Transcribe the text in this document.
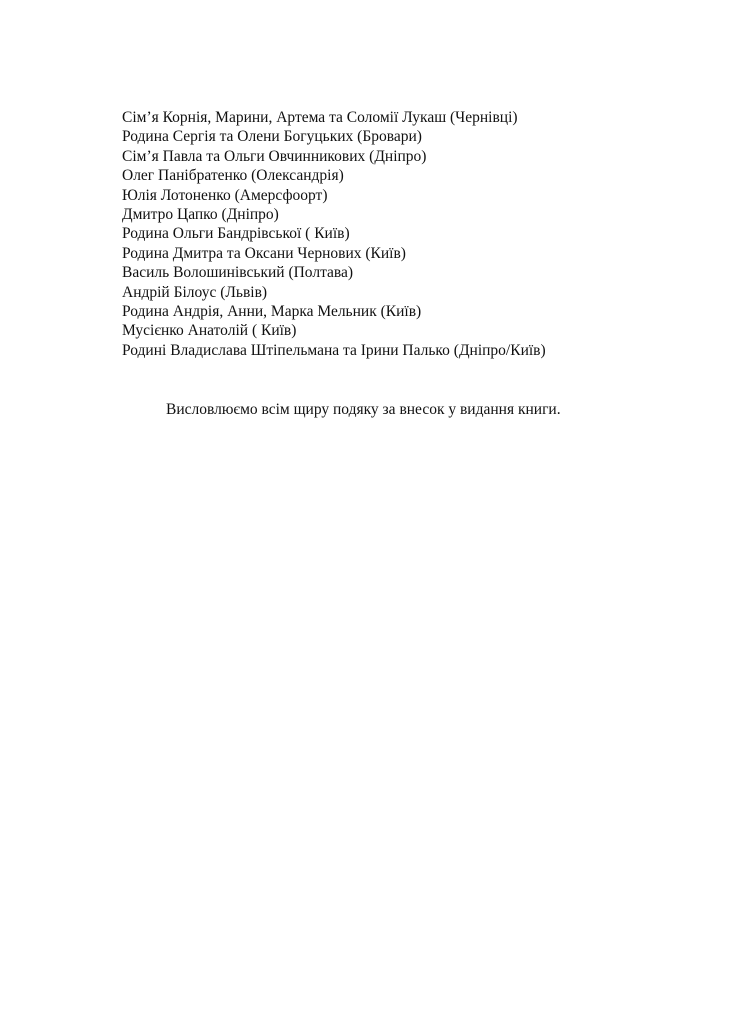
Сім’я Корнія, Марини, Артема та Соломії Лукаш (Чернівці)
Родина Сергія та Олени Богуцьких (Бровари)
Сім’я Павла та Ольги Овчинникових (Дніпро)
Олег Панібратенко (Олександрія)
Юлія Лотоненко (Амерсфоорт)
Дмитро Цапко (Дніпро)
Родина Ольги Бандрівської ( Київ)
Родина Дмитра та Оксани Чернових (Київ)
Василь Волошинівський (Полтава)
Андрій Білоус (Львів)
Родина Андрія, Анни, Марка Мельник (Київ)
Мусієнко Анатолій ( Київ)
Родині Владислава Штіпельмана та Ірини Палько (Дніпро/Київ)

Висловлюємо всім щиру подяку за внесок у видання книги.
